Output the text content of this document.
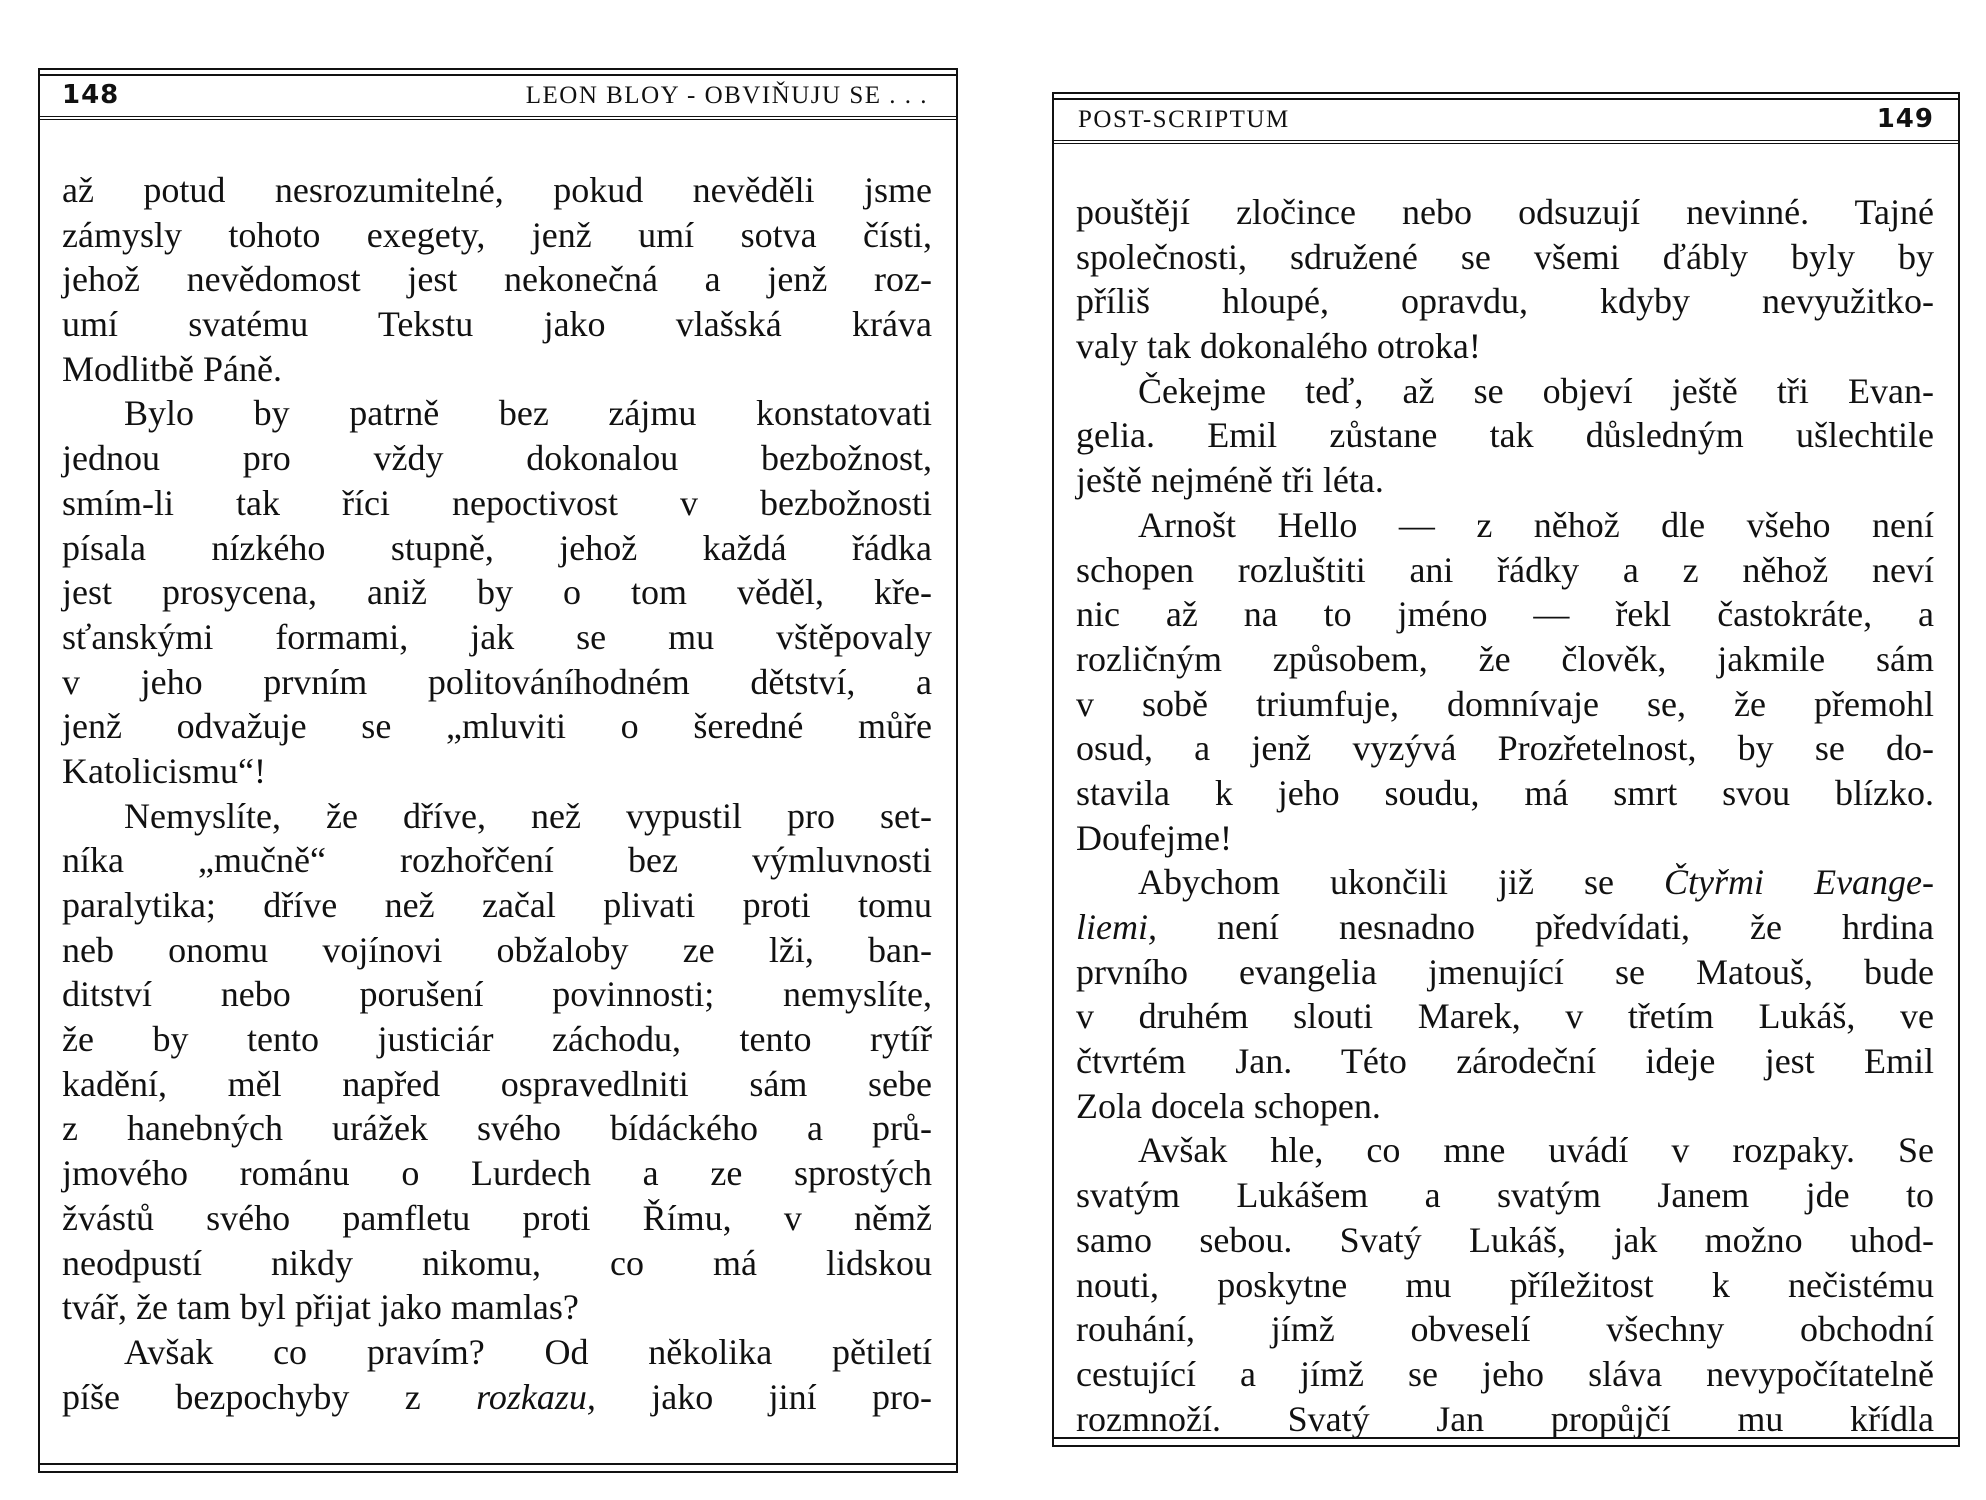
148	LEON BLOY - OBVIŇUJU SE . . .
až potud nesrozumitelné, pokud nevěděli jsme
zámysly tohoto exegety, jenž umí sotva čísti,
jehož nevědomost jest nekonečná a jenž roz-
umí svatému Tekstu jako vlašská kráva
Modlitbě Páně.
Bylo by patrně bez zájmu konstatovati
jednou pro vždy dokonalou bezbožnost,
smím-li tak říci nepoctivost v bezbožnosti
písala nízkého stupně, jehož každá řádka
jest prosycena, aniž by o tom věděl, kře-
sťanskými formami, jak se mu vštěpovaly
v jeho prvním politováníhodném dětství, a
jenž odvažuje se „mluviti o šeredné můře
Katolicismu“!
Nemyslíte, že dříve, než vypustil pro set-
níka „mučně“ rozhořčení bez výmluvnosti
paralytika; dříve než začal plivati proti tomu
neb onomu vojínovi obžaloby ze lži, ban-
ditství nebo porušení povinnosti; nemyslíte,
že by tento justiciár záchodu, tento rytíř
kadění, měl napřed ospravedlniti sám sebe
z hanebných urážek svého bídáckého a prů-
jmového románu o Lurdech a ze sprostých
žvástů svého pamfletu proti Římu, v němž
neodpustí nikdy nikomu, co má lidskou
tvář, že tam byl přijat jako mamlas?
Avšak co pravím? Od několika pětiletí
píše bezpochyby z rozkazu, jako jiní pro-
POST-SCRIPTUM	149
pouštějí zločince nebo odsuzují nevinné. Tajné
společnosti, sdružené se všemi ďábly byly by
příliš hloupé, opravdu, kdyby nevyužitko-
valy tak dokonalého otroka!
Čekejme teď, až se objeví ještě tři Evan-
gelia. Emil zůstane tak důsledným ušlechtile
ještě nejméně tři léta.
Arnošt Hello — z něhož dle všeho není
schopen rozluštiti ani řádky a z něhož neví
nic až na to jméno — řekl častokráte, a
rozličným způsobem, že člověk, jakmile sám
v sobě triumfuje, domnívaje se, že přemohl
osud, a jenž vyzývá Prozřetelnost, by se do-
stavila k jeho soudu, má smrt svou blízko.
Doufejme!
Abychom ukončili již se Čtyřmi Evange-
liemi, není nesnadno předvídati, že hrdina
prvního evangelia jmenující se Matouš, bude
v druhém slouti Marek, v třetím Lukáš, ve
čtvrtém Jan. Této zárodeční ideje jest Emil
Zola docela schopen.
Avšak hle, co mne uvádí v rozpaky. Se
svatým Lukášem a svatým Janem jde to
samo sebou. Svatý Lukáš, jak možno uhod-
nouti, poskytne mu příležitost k nečistému
rouhání, jímž obveselí všechny obchodní
cestující a jímž se jeho sláva nevypočítatelně
rozmnoží. Svatý Jan propůjčí mu křídla
